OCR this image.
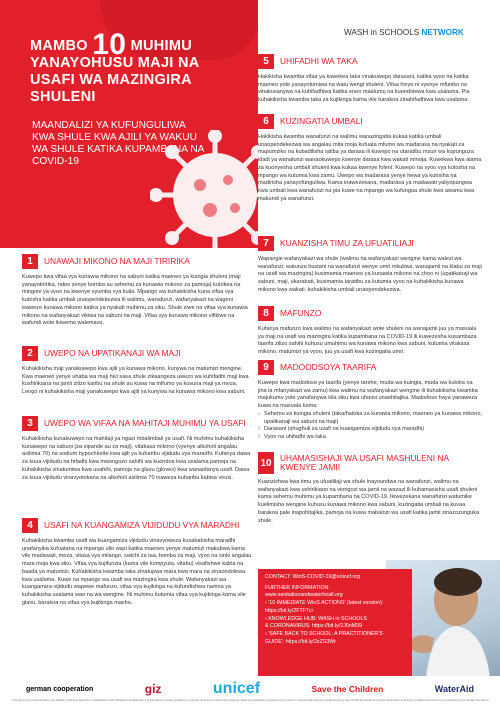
MAMBO 10 MUHIMU YANAYOHUSU MAJI NA USAFI WA MAZINGIRA SHULENI
MAANDALIZI YA KUFUNGULIWA KWA SHULE KWA AJILI YA WAKUU WA SHULE KATIKA KUPAMBANA NA COVID-19
WASH in SCHOOLS NETWORK
1	UNAWAJI MIKONO NA MAJI TIRIRIKA
Kuwepo kwa vifaa vya kunawia mikono na sabuni katika maeneo ya kuingia shuleni (maji yanayotiririka, ndoo zenye bomba au sehemu za kunawia mikono za pamoja) kutokea na mingoni ya vyoo na kwenye vyumba vya kulia. Mpango wa kuhakikisha kuna vifaa vya kutosha katika umbali unaopendekezwa ili walimu, wanafunzi, wafanyakazi na wageni waweze kunawa mikono katika ya nyakati muhimu za siku. Shule ziwe na vifaa vya kunawia mikono na wafanyakazi vikiwa na sabuni na maji. Vifaa vya kunawa mikono vifikiwe na wafundi wote ikiwemo walemavu.
2	UWEPO NA UPATIKANAJI WA MAJI
Kuhakikisha maji yanakuwepo kwa ajili ya kunawa mikono, kunywa na matumizi mengine. Kwa maeneo yenye uhaba wa maji hivi sasa shule zikaangeza uwezo wa kuhifadhi maji kwa kushirikiana na jamii zilizo karibu na shule au kuwa na mifumo ya kuvuna maji ya mvua. Lengo ni kuhakikisha maji yanakuwepo kwa ajili ya kunywa na kunawa mikono kwa sabuni.
3	UWEPO WA VIFAA NA MAHITAJI MUHIMU YA USAFI
Kuhakikisha kunakuwepo na mahitaji ya ngazi mbalimbali ya usafi. Ni muhimu kuhakikisha kunawepo na sabuni (za vipande au za maji), vitakasa mikono (vyenye alkoholi angalau asilimia 70) na sodium hypochlorite kwa ajili ya kuharibu vijidudu vya maradhi. Kufanya dawa za kuua vijidudu na hifadhi kwa mwongozo sahihi wa kuondoa kwa usalama pamoja na kuhakikisha vinatumiwa kwa usahihi, pamoja na glavu (gloves) kwa wanaofanya usafi. Dawa za kuua vijidudu vinavyotokana na alkoholi asilimia 70 inaweza kuharibu kabisa virusi.
4	USAFI NA KUANGAMIZA VIJIDUDU VYA MARADHI
Kuhakikisha kwamba usafi wa kuangamiza vijidudu vinavyoweza kusababisha maradhi unafanyika kufuatana na mpango ulio wazi katika maeneo yenye matumizi makubwa kama vile madawati, meza, vitasa vya milango, swichi za taa, bomba za maji, vyoo na sinki angalau mara moja kwa siku. Vifaa vya kujifunzia (kama vile kompyuta, vitabu) visafishwe kabla na baada ya matumizi. Kuhakikisha kwamba taka zinatupwa mara kwa mara na zinaondolewa kwa usalama. Kuwe na mpango wa usafi wa mazingira kwa shule. Wafanyakazi wa kuangamiza vijidudu wapewe mafunzo, vifaa vya kujikinga na kufundishwa namna ya kuhakikisha usalama wao na wa wengine. Ni muhimu kutumia vifaa vya kujikinga kama vile glavu, barakoa na vifaa vya kujikinga macho.
5	UHIFADHI WA TAKA
Hakikisha kwamba vifaa ya kuwekea taka vinakuwepo darasani, katika vyoo na katika maeneo yote yanayotumiwa na watu wengi shuleni. Vifaa hivyo ni vyenye mfuniko na vinakusanywa na kuhifadhiwa katika eneo maalumu na kuondolewa kwa usalama. Pia kuhakikisha kwamba taka za kujikinga kama vile barakoa zinahifadhiwa kwa usalama.
6	KUZINGATIA UMBALI
Hakikisha kwamba wanafunzi na walimu wanazingatia kukaa katika umbali unaopendekezwa wa angalau mita moja kufuata mfumo wa madarasa na nyakati za mapumziko na kubadilisha ratiba ya darasa ili kuwepo na utaratibu mzuri wa kupunguza idadi ya wanafunzi wanaokuwepo kwenye darasa kwa wakati mmoja. Kuwekwa kwa alama za kuonyesha umbali shuleni kwa kukaa kwenye foleni. Kuwepo na vyoo vya kutosha na mpango wa kutumia kwa zamu. Uwepo wa madarasa yenye hewa ya kutosha na madirisha yanayofunguliwa. Kama inawezekana, madarasa ya madawati yaliyopangwa kwa umbali kwa wanafunzi na pia kuwe na mpango wa kufungua shule kwa awamu kwa makundi ya wanafunzi.
7	KUANZISHA TIMU ZA UFUATILIAJI
Wapangie wafanyakazi wa shule (walimu na wafanyakazi wengine kama walezi wa wanafunzi, watunza bustani na wanafunzi wenye umri mkubwa, wanajamii na klabu za maji na usafi wa mazingira) kusimamia maeneo ya kunawia mikono na choo ni (upatikanaji wa sabuni, maji, ukarabati, kusimamia taratibu za kutumia vyoo na kuhakikisha kunawa mikono kwa wakati, kuhakikisha umbali unaopendekezwa.
8	MAFUNZO
Kufanya mafunzo kwa walimu na wafanyakazi wote shuleni na wanajamii juu ya masuala ya maji na usafi wa mazingira katika kupambana na COVID-19 ili kuwezesha kusambaza taarifa zilizo sahihi kuhusu umuhimu wa kunawa mikono kwa sabuni, kutumia vitakasa mikono, matumizi ya vyoo, juu ya usafi kwa kuzingatia umri.
9	MADOODSOYA TAARIFA
Kuwepo kwa madodoso ya taarifa (yenye tarehe, muda wa kuingia, muda wa kutoka na jina la mfanyakazi wa zamu) kwa walimu na wafanyakazi wengine ili kuhakikisha kwamba majukumu yote yanafanywa kila siku kwa ufanisi unaohitajika. Madodoso haya yanaweza kuwa na masuala kama:
› Sehemu za kuingia shuleni (taka/hatoka za kunawa mikono, maeneo ya kunawa mikono, upatikanaji wa sabuni na maji)
› Darasani (shughuli za usafi na kuangamiza vijidudu vya maradhi)
› Vyoo na uhifadhi wa taka
10 UHAMASISHAJI WA USAFI MASHULENI NA KWENYE JAMII
Kuanzishwa kwa timu ya ufuatiliaji wa shule inayoundwa na wanafunzi, walimu na wafanyakazi kwa ushirikiano na viongozi wa jamii na wazazi ili kuhamasisha usafi shuleni kama sehemu muhimu ya kupambana na COVID-19. Ikiwezekana wanafunzi watumike kuelimisha wengine kuhusu kunawa mikono kwa sabuni, kuzingatia umbali na kuvaa barakoa pale inapohitajika, pamoja na kuwa mabalozi wa usafi katika jamii zinazozunguka shule.
CONTACT: WinS-COVID-19@unicef.org
FURTHER INFORMATION: www.sanitationandwaterforall.org
› '10 IMMEDIATE WinS ACTIONS' (latest version):
https://bit.ly/2FTF7cr
› KNOWLEDGE HUB: WASH in SCHOOLS
& CORONAVIRUS: https://bit.ly/2J0nM39
› 'SAFE BACK TO SCHOOL: A PRACTITIONER'S
GUIDE': https://bit.ly/2zZS3Wr
german cooperation	giz	unicef	Save the Children	WaterAid
This document is developed by the WASH in Schools Network in collaboration with UNICEF and WaterAid. It is intended to provide guidance to schools on how to ensure hand hygiene, water and sanitation measures are in place to support safe school operations during the COVID-19 pandemic. Further information and links to additional resources are provided in the contact box above.
